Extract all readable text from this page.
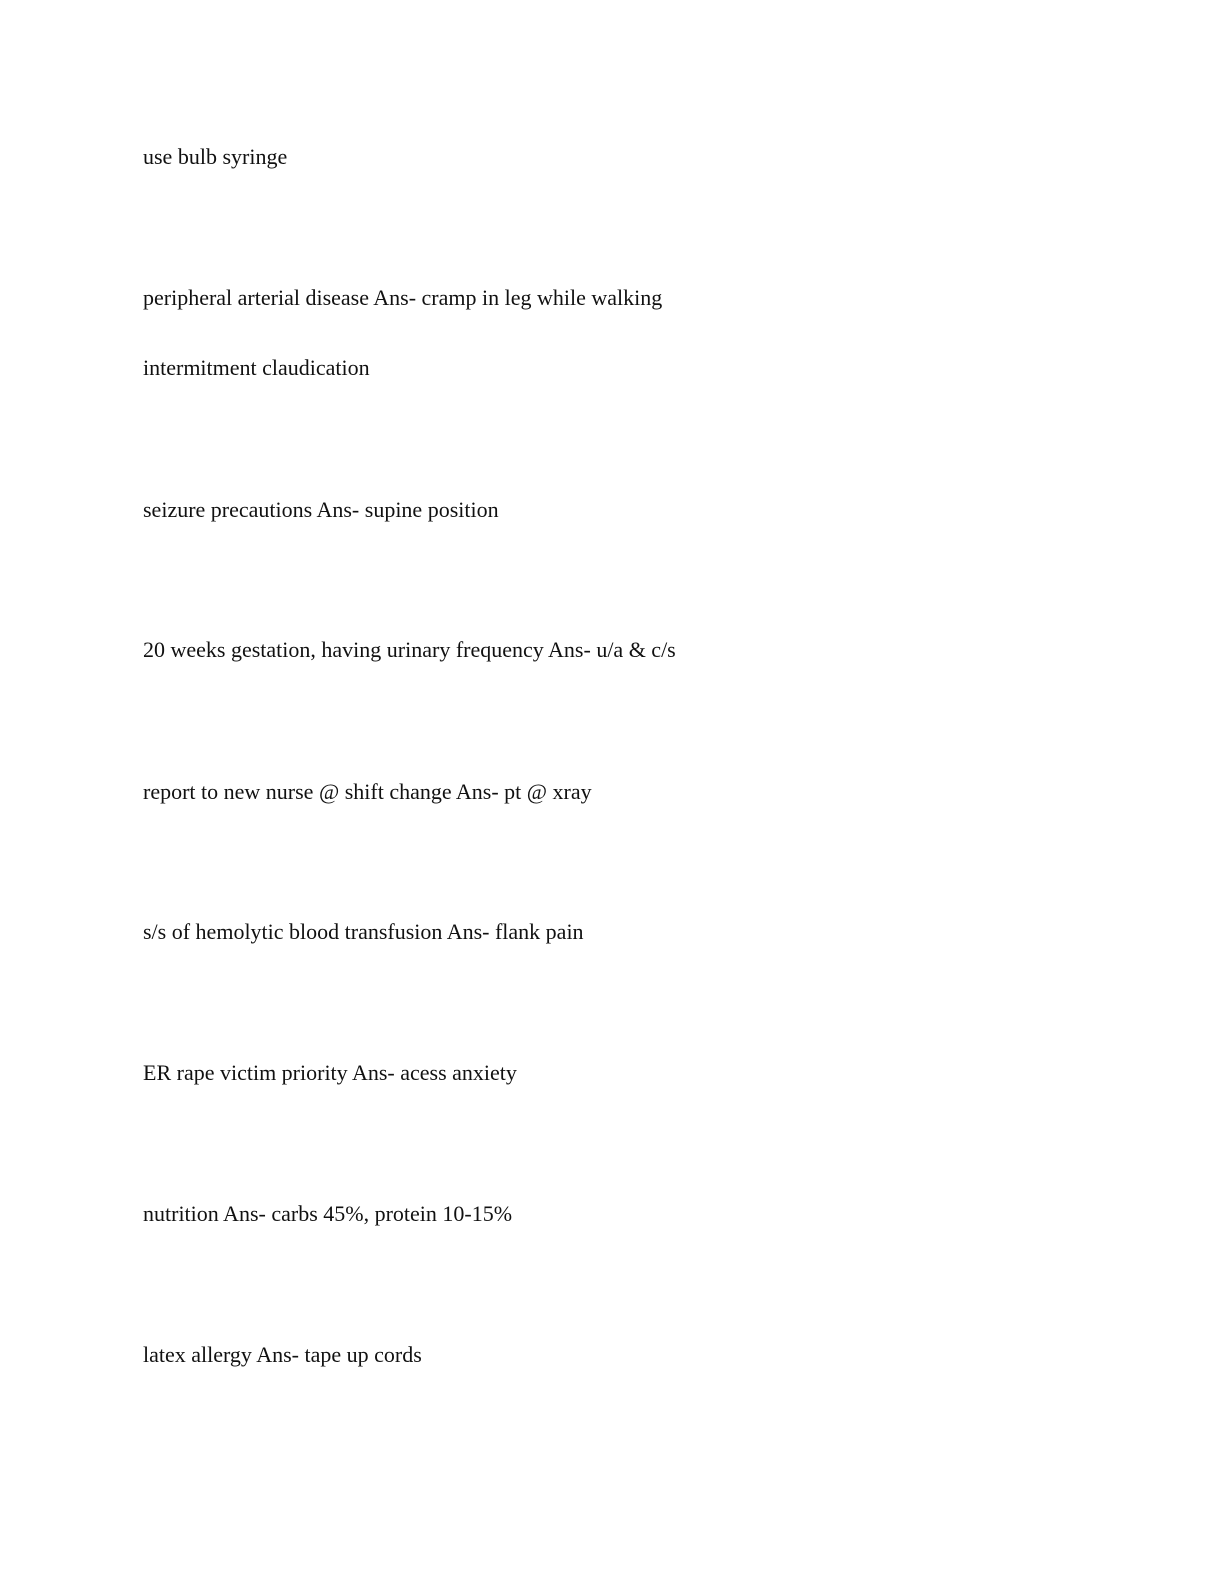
use bulb syringe

peripheral arterial disease Ans- cramp in leg while walking

intermitment claudication

seizure precautions Ans- supine position

20 weeks gestation, having urinary frequency Ans- u/a & c/s

report to new nurse @ shift change Ans- pt @ xray

s/s of hemolytic blood transfusion Ans- flank pain

ER rape victim priority Ans- acess anxiety

nutrition Ans- carbs 45%, protein 10-15%

latex allergy Ans- tape up cords
